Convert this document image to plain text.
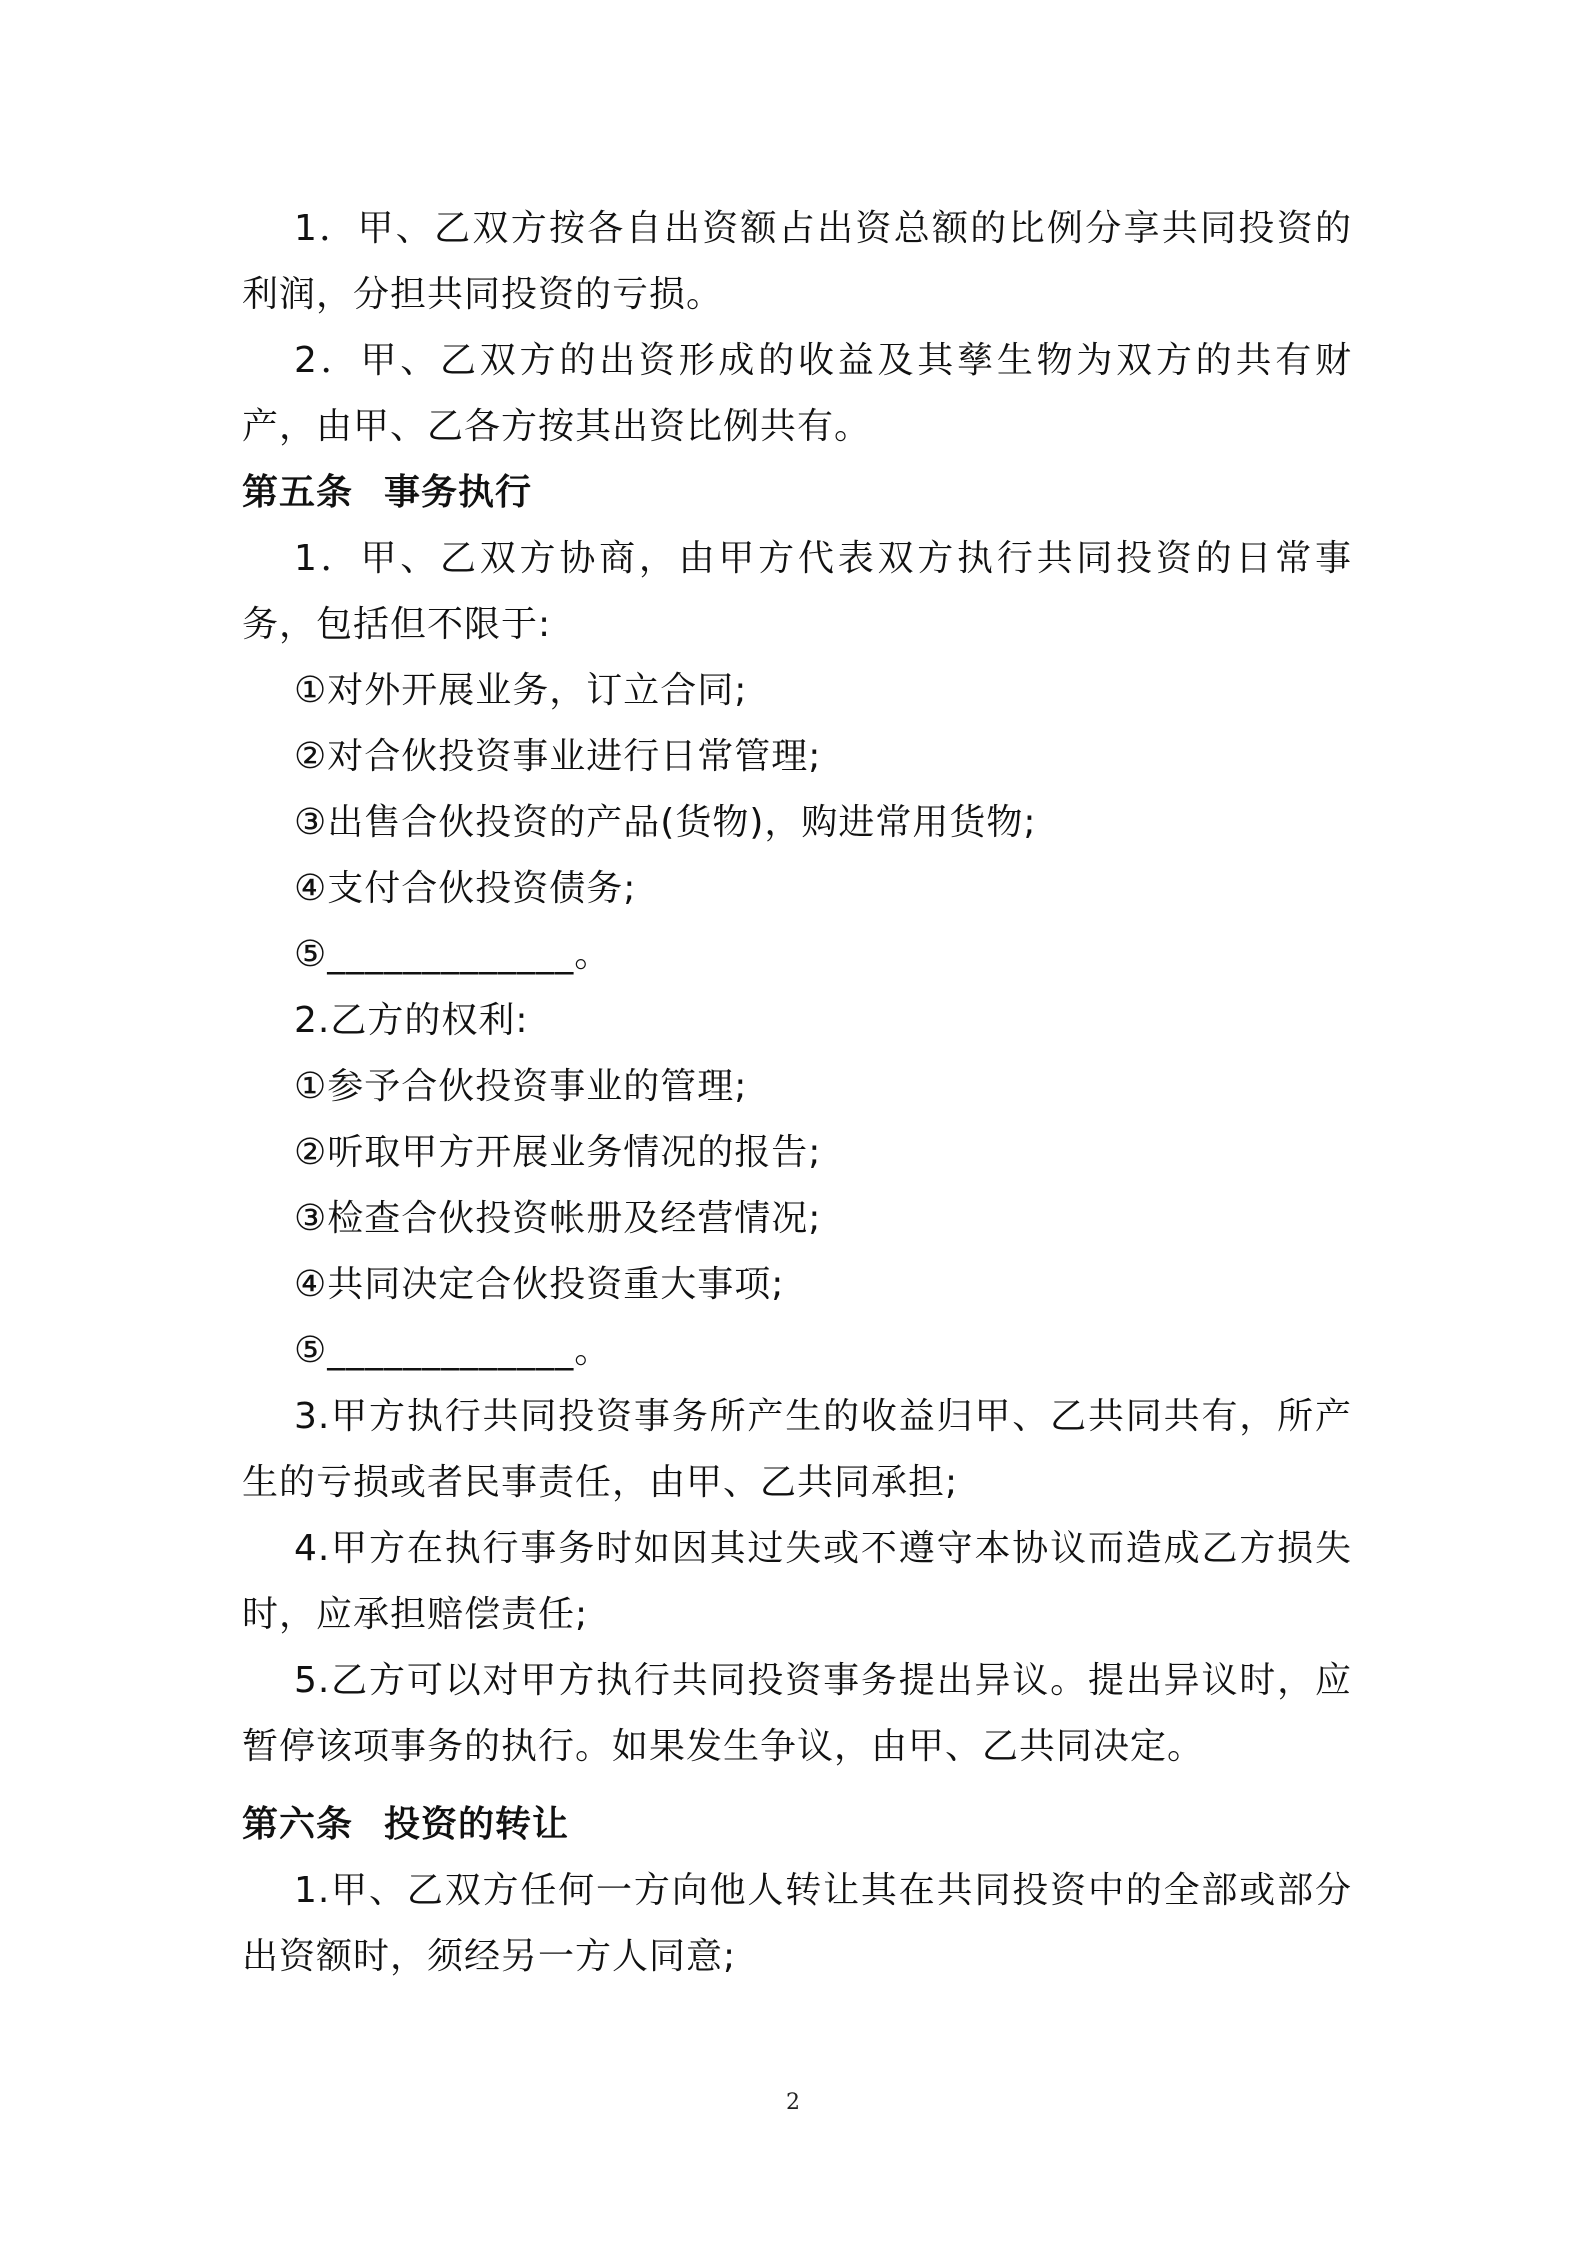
1．甲、乙双方按各自出资额占出资总额的比例分享共同投资的利润，分担共同投资的亏损。

2．甲、乙双方的出资形成的收益及其孳生物为双方的共有财产，由甲、乙各方按其出资比例共有。

第五条 事务执行

1．甲、乙双方协商，由甲方代表双方执行共同投资的日常事务，包括但不限于:

①对外开展业务，订立合同;

②对合伙投资事业进行日常管理;

③出售合伙投资的产品(货物)，购进常用货物;

④支付合伙投资债务;

⑤_____________。

2.乙方的权利:

①参予合伙投资事业的管理;

②听取甲方开展业务情况的报告;

③检查合伙投资帐册及经营情况;

④共同决定合伙投资重大事项;

⑤_____________。

3.甲方执行共同投资事务所产生的收益归甲、乙共同共有，所产生的亏损或者民事责任，由甲、乙共同承担;

4.甲方在执行事务时如因其过失或不遵守本协议而造成乙方损失时，应承担赔偿责任;

5.乙方可以对甲方执行共同投资事务提出异议。提出异议时，应暂停该项事务的执行。如果发生争议，由甲、乙共同决定。

第六条 投资的转让

1.甲、乙双方任何一方向他人转让其在共同投资中的全部或部分出资额时，须经另一方人同意;

2
